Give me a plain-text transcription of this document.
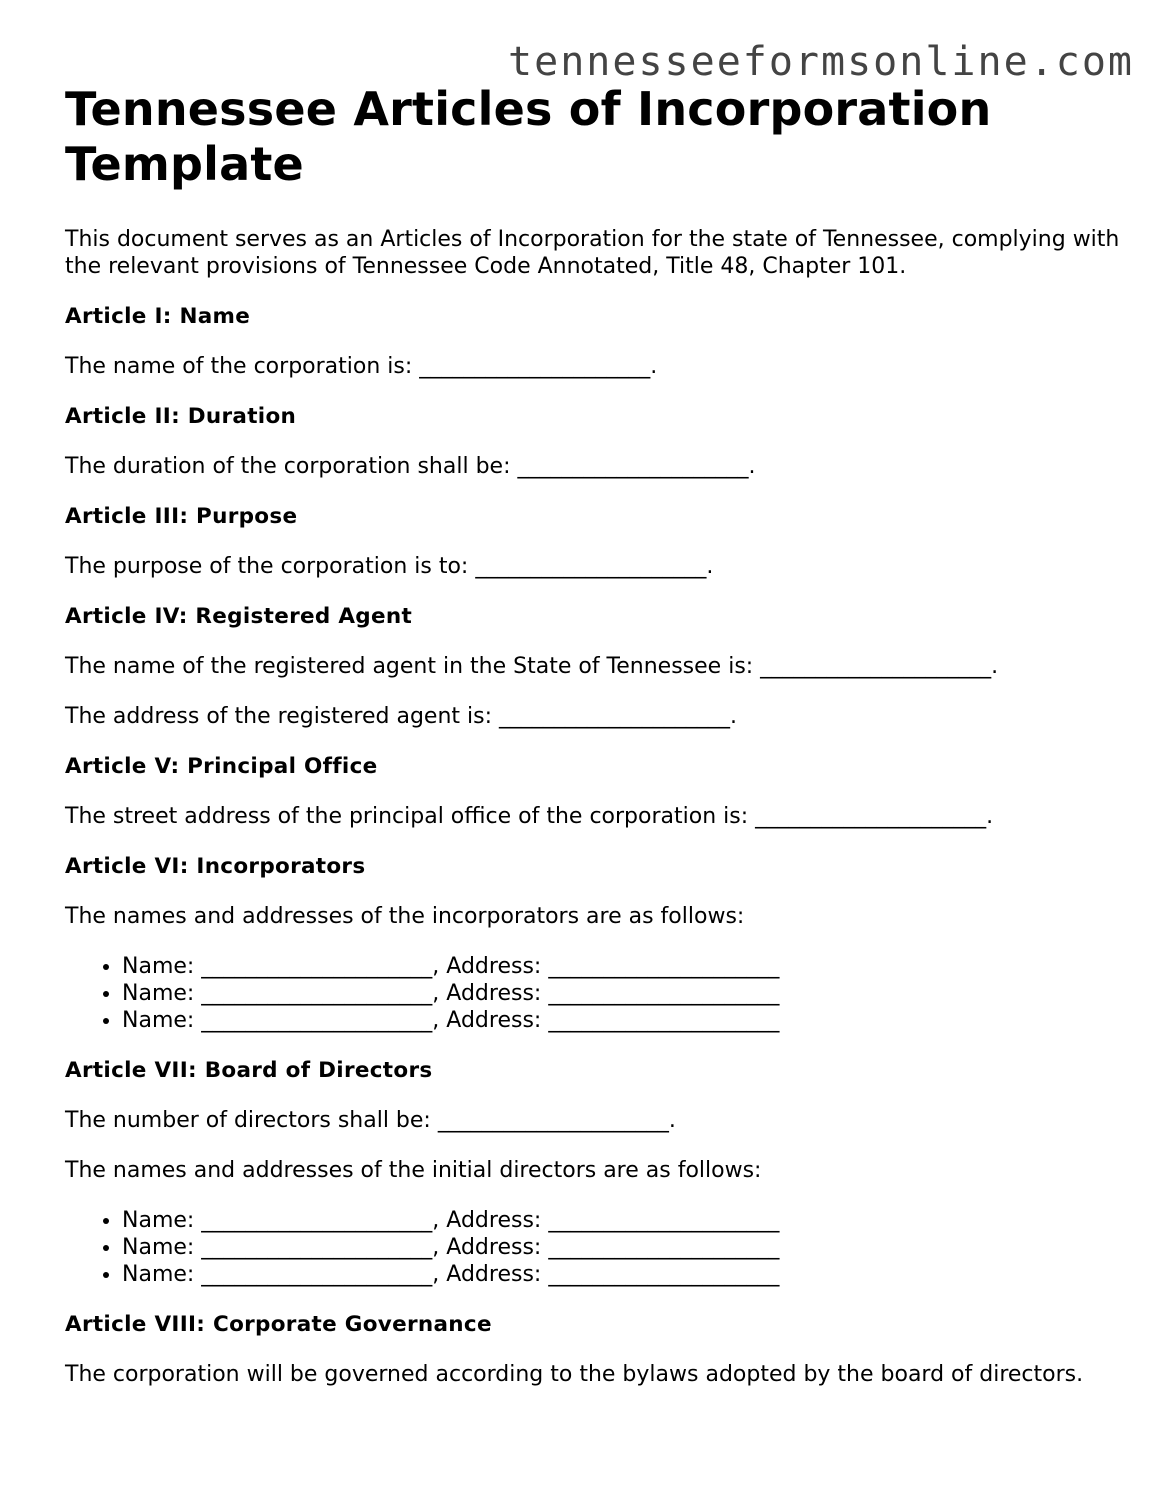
tennesseeformsonline.com
Tennessee Articles of Incorporation Template

This document serves as an Articles of Incorporation for the state of Tennessee, complying with the relevant provisions of Tennessee Code Annotated, Title 48, Chapter 101.

Article I: Name

The name of the corporation is: _____________________.

Article II: Duration

The duration of the corporation shall be: _____________________.

Article III: Purpose

The purpose of the corporation is to: _____________________.

Article IV: Registered Agent

The name of the registered agent in the State of Tennessee is: _____________________.

The address of the registered agent is: _____________________.

Article V: Principal Office

The street address of the principal office of the corporation is: _____________________.

Article VI: Incorporators

The names and addresses of the incorporators are as follows:

• Name: _____________________, Address: _____________________
• Name: _____________________, Address: _____________________
• Name: _____________________, Address: _____________________
Article VII: Board of Directors

The number of directors shall be: _____________________.

The names and addresses of the initial directors are as follows:

• Name: _____________________, Address: _____________________
• Name: _____________________, Address: _____________________
• Name: _____________________, Address: _____________________
Article VIII: Corporate Governance

The corporation will be governed according to the bylaws adopted by the board of directors.
